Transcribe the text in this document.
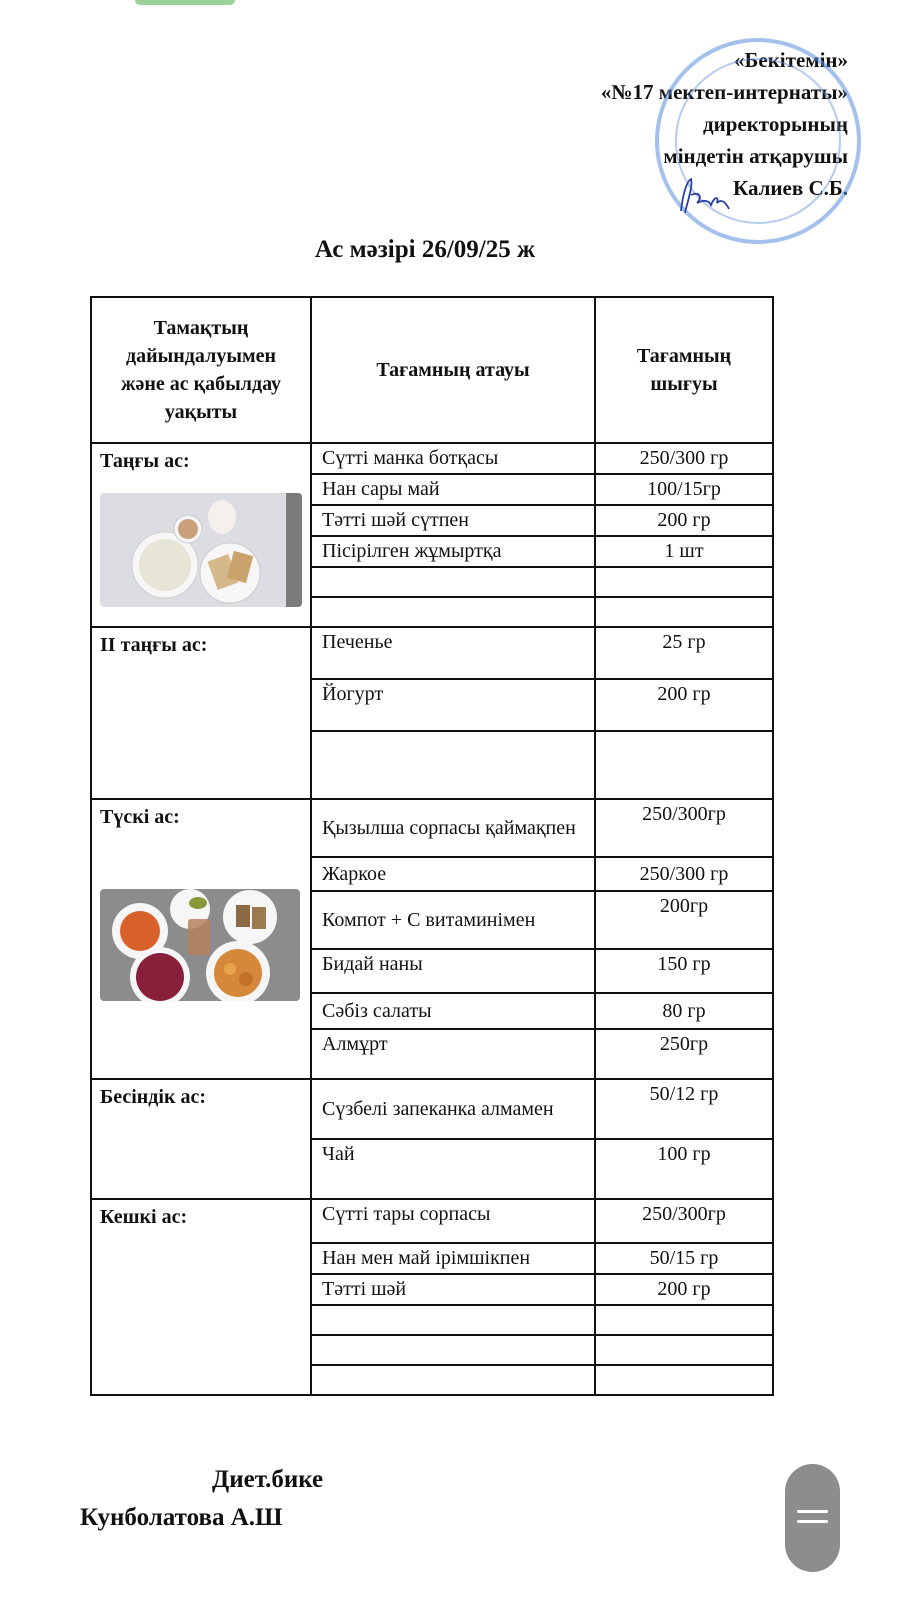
«Бекітемін»
«№17 мектеп-интернаты»
директорының
міндетін атқарушы
Калиев С.Б.
Ас мәзірі 26/09/25 ж
Тамақтың дайындалуымен және ас қабылдау уақыты	Тағамның атауы	Тағамның шығуы

Таңғы ас:	Сүтті манка ботқасы	250/300 гр
	Нан сары май	100/15гр
	Тәтті шәй сүтпен	200 гр
	Пісірілген жұмыртқа	1 шт

II таңғы ас:	Печенье	25 гр
	Йогурт	200 гр

Түскі ас:	Қызылша сорпасы қаймақпен	250/300гр
	Жаркое	250/300 гр
	Компот + С витаминімен	200гр
	Бидай наны	150 гр
	Сәбіз салаты	80 гр
	Алмұрт	250гр

Бесіндік ас:	Сүзбелі запеканка алмамен	50/12 гр
	Чай	100 гр

Кешкі ас:	Сүтті тары сорпасы	250/300гр
	Нан мен май ірімшікпен	50/15 гр
	Тәтті шәй	200 гр

Диет.бике
Кунболатова А.Ш
